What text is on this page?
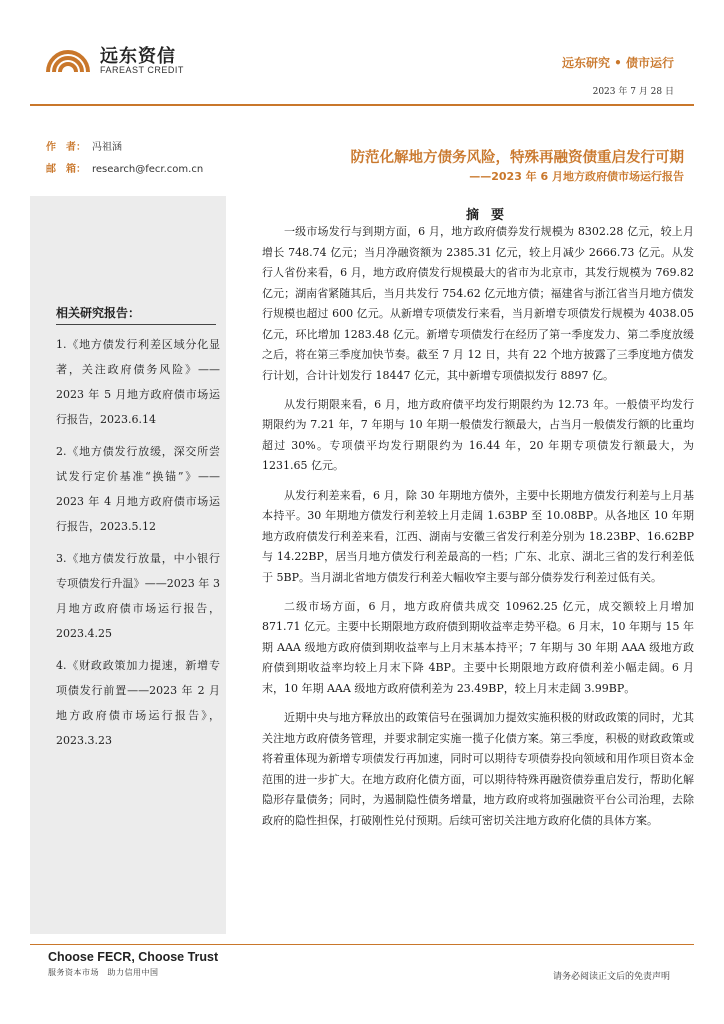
远东资信
FAREAST CREDIT	远东研究 • 债市运行
2023 年 7 月 28 日
作　者： 冯祖涵
邮　箱： research@fecr.com.cn
防范化解地方债务风险，特殊再融资债重启发行可期
——2023 年 6 月地方政府债市场运行报告
相关研究报告：
1.《地方债发行利差区域分化显著，关注政府债务风险》——2023 年 5 月地方政府债市场运行报告，2023.6.14
2.《地方债发行放缓，深交所尝试发行定价基准“换锚”》——2023 年 4 月地方政府债市场运行报告，2023.5.12
3.《地方债发行放量，中小银行专项债发行升温》——2023 年 3 月地方政府债市场运行报告，2023.4.25
4.《财政政策加力提速，新增专项债发行前置——2023 年 2 月地方政府债市场运行报告》，2023.3.23
摘要

一级市场发行与到期方面，6 月，地方政府债券发行规模为 8302.28 亿元，较上月增长 748.74 亿元；当月净融资额为 2385.31 亿元，较上月减少 2666.73 亿元。从发行人省份来看，6 月，地方政府债发行规模最大的省市为北京市，其发行规模为 769.82 亿元；湖南省紧随其后，当月共发行 754.62 亿元地方债；福建省与浙江省当月地方债发行规模也超过 600 亿元。从新增专项债发行来看，当月新增专项债发行规模为 4038.05 亿元，环比增加 1283.48 亿元。新增专项债发行在经历了第一季度发力、第二季度放缓之后，将在第三季度加快节奏。截至 7 月 12 日，共有 22 个地方披露了三季度地方债发行计划，合计计划发行 18447 亿元，其中新增专项债拟发行 8897 亿。

从发行期限来看，6 月，地方政府债平均发行期限约为 12.73 年。一般债平均发行期限约为 7.21 年，7 年期与 10 年期一般债发行额最大，占当月一般债发行额的比重均超过 30%。专项债平均发行期限约为 16.44 年，20 年期专项债发行额最大，为 1231.65 亿元。

从发行利差来看，6 月，除 30 年期地方债外，主要中长期地方债发行利差与上月基本持平。30 年期地方债发行利差较上月走阔 1.63BP 至 10.08BP。从各地区 10 年期地方政府债发行利差来看，江西、湖南与安徽三省发行利差分别为 18.23BP、16.62BP 与 14.22BP，居当月地方债发行利差最高的一档；广东、北京、湖北三省的发行利差低于 5BP。当月湖北省地方债发行利差大幅收窄主要与部分债券发行利差过低有关。

二级市场方面，6 月，地方政府债共成交 10962.25 亿元，成交额较上月增加 871.71 亿元。主要中长期限地方政府债到期收益率走势平稳。6 月末，10 年期与 15 年期 AAA 级地方政府债到期收益率与上月末基本持平；7 年期与 30 年期 AAA 级地方政府债到期收益率均较上月末下降 4BP。主要中长期限地方政府债利差小幅走阔。6 月末，10 年期 AAA 级地方政府债利差为 23.49BP，较上月末走阔 3.99BP。

近期中央与地方释放出的政策信号在强调加力提效实施积极的财政政策的同时，尤其关注地方政府债务管理，并要求制定实施一揽子化债方案。第三季度，积极的财政政策或将着重体现为新增专项债发行再加速，同时可以期待专项债券投向领域和用作项目资本金范围的进一步扩大。在地方政府化债方面，可以期待特殊再融资债券重启发行，帮助化解隐形存量债务；同时，为遏制隐性债务增量，地方政府或将加强融资平台公司治理，去除政府的隐性担保，打破刚性兑付预期。后续可密切关注地方政府化债的具体方案。

Choose FECR, Choose Trust
服务资本市场　助力信用中国	请务必阅读正文后的免责声明
